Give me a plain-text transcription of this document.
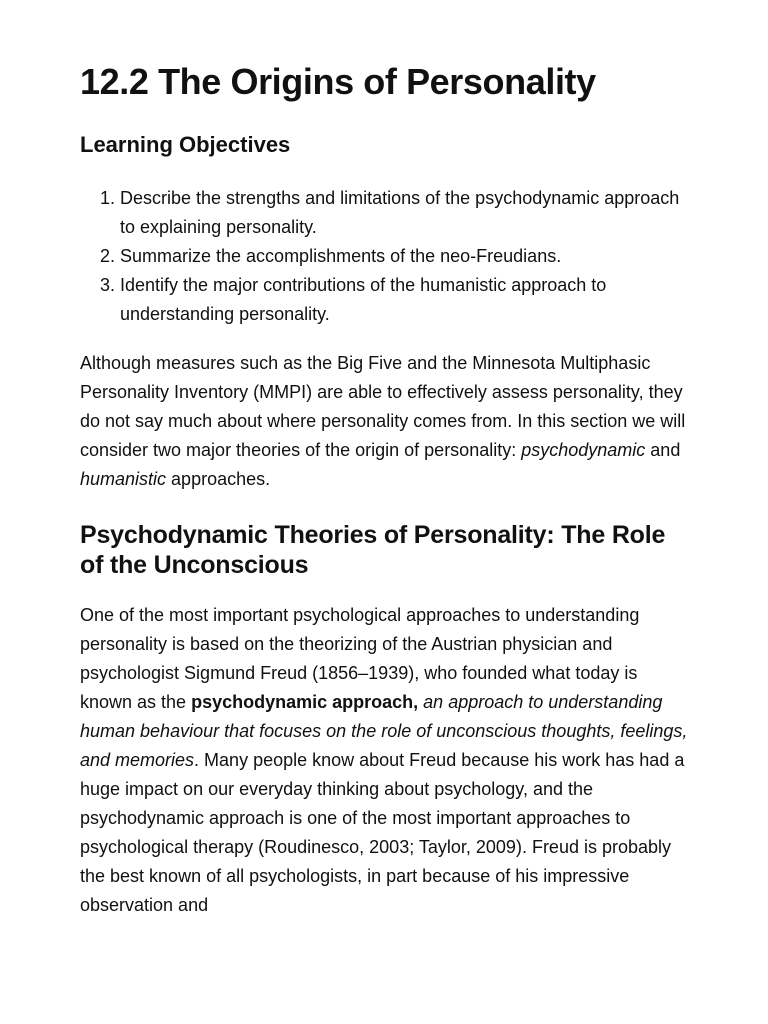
12.2 The Origins of Personality
Learning Objectives
1. Describe the strengths and limitations of the psychodynamic approach to explaining personality.
2. Summarize the accomplishments of the neo-Freudians.
3. Identify the major contributions of the humanistic approach to understanding personality.

Although measures such as the Big Five and the Minnesota Multiphasic Personality Inventory (MMPI) are able to effectively assess personality, they do not say much about where personality comes from. In this section we will consider two major theories of the origin of personality: psychodynamic and humanistic approaches.

Psychodynamic Theories of Personality: The Role of the Unconscious

One of the most important psychological approaches to understanding personality is based on the theorizing of the Austrian physician and psychologist Sigmund Freud (1856–1939), who founded what today is known as the psychodynamic approach, an approach to understanding human behaviour that focuses on the role of unconscious thoughts, feelings, and memories. Many people know about Freud because his work has had a huge impact on our everyday thinking about psychology, and the psychodynamic approach is one of the most important approaches to psychological therapy (Roudinesco, 2003; Taylor, 2009). Freud is probably the best known of all psychologists, in part because of his impressive observation and
